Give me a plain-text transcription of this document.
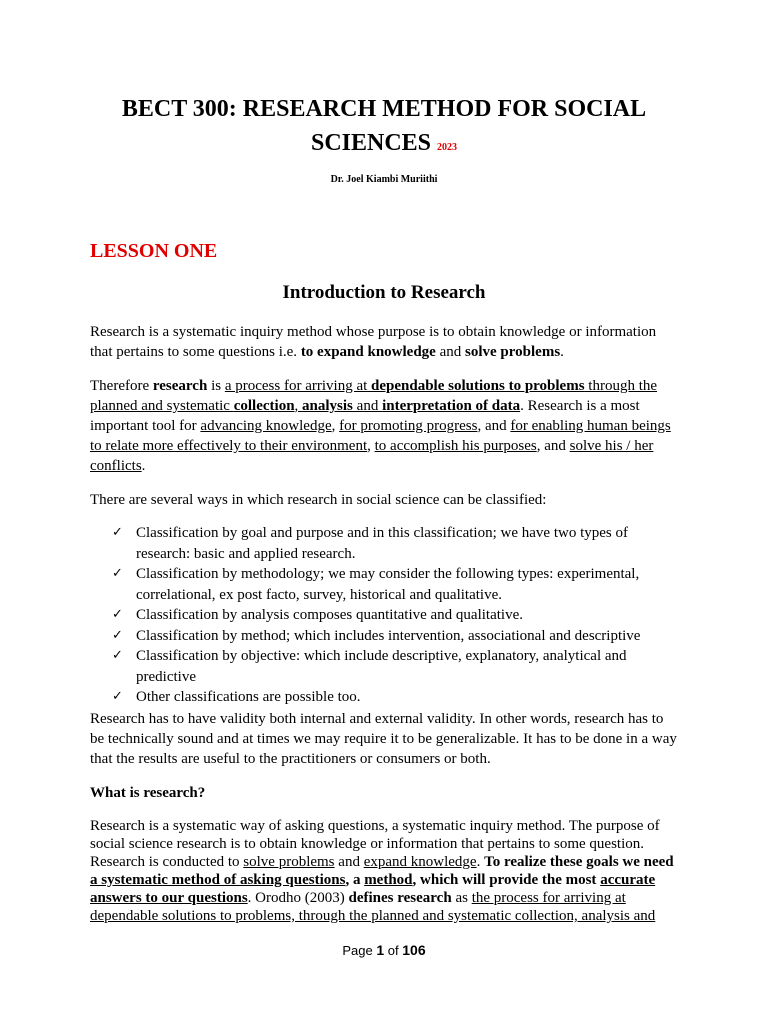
BECT 300: RESEARCH METHOD FOR SOCIAL
SCIENCES 2023
Dr. Joel Kiambi Muriithi
LESSON ONE
Introduction to Research
Research is a systematic inquiry method whose purpose is to obtain knowledge or information that pertains to some questions i.e. to expand knowledge and solve problems.
Therefore research is a process for arriving at dependable solutions to problems through the planned and systematic collection, analysis and interpretation of data. Research is a most important tool for advancing knowledge, for promoting progress, and for enabling human beings to relate more effectively to their environment, to accomplish his purposes, and solve his / her conflicts.
There are several ways in which research in social science can be classified:
✓ Classification by goal and purpose and in this classification; we have two types of research: basic and applied research.
✓ Classification by methodology; we may consider the following types: experimental, correlational, ex post facto, survey, historical and qualitative.
✓ Classification by analysis composes quantitative and qualitative.
✓ Classification by method; which includes intervention, associational and descriptive
✓ Classification by objective: which include descriptive, explanatory, analytical and predictive
✓ Other classifications are possible too.
Research has to have validity both internal and external validity. In other words, research has to be technically sound and at times we may require it to be generalizable. It has to be done in a way that the results are useful to the practitioners or consumers or both.
What is research?
Research is a systematic way of asking questions, a systematic inquiry method. The purpose of social science research is to obtain knowledge or information that pertains to some question. Research is conducted to solve problems and expand knowledge. To realize these goals we need a systematic method of asking questions, a method, which will provide the most accurate answers to our questions. Orodho (2003) defines research as the process for arriving at dependable solutions to problems, through the planned and systematic collection, analysis and
Page 1 of 106
